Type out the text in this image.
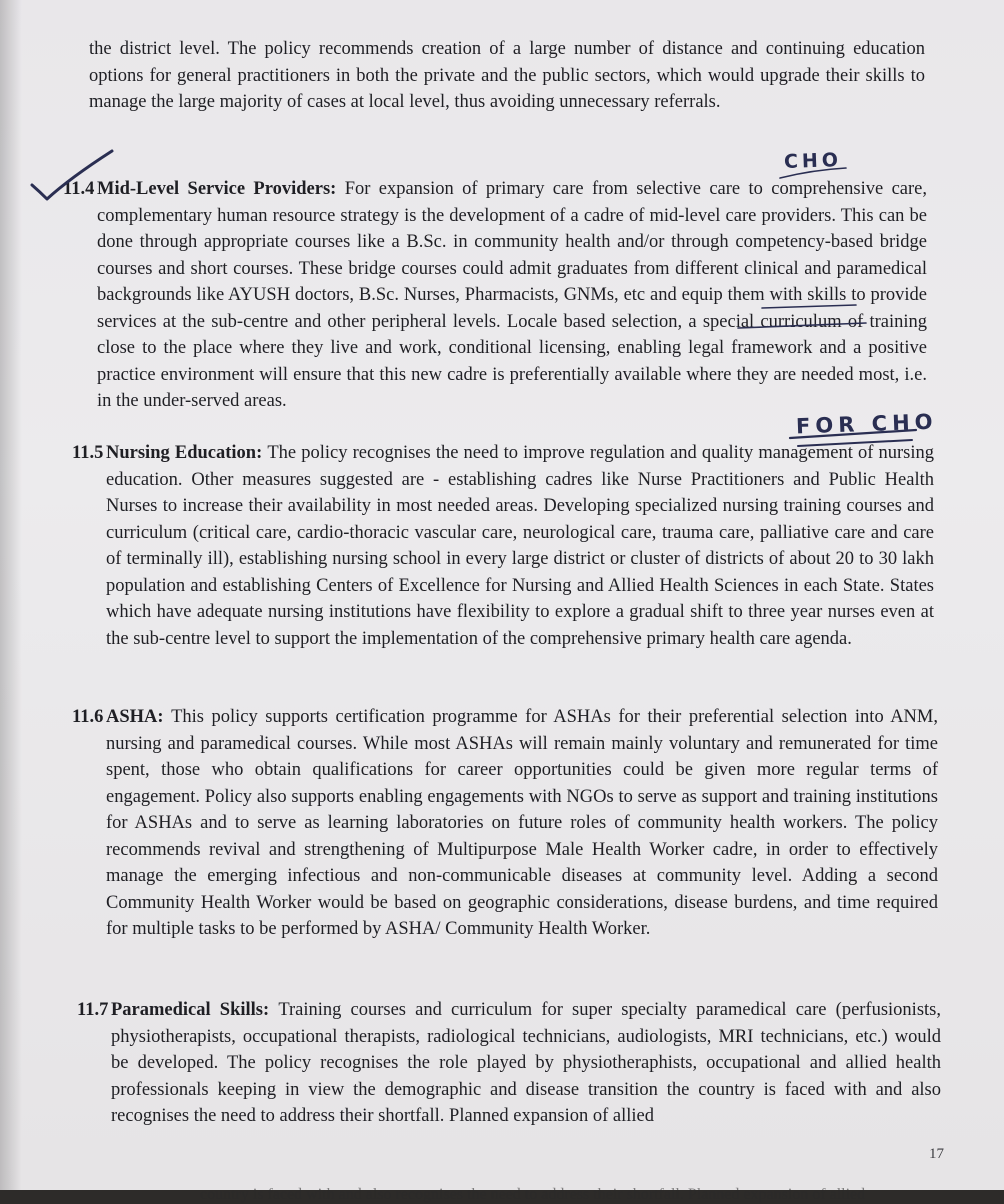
the district level. The policy recommends creation of a large number of distance and continuing education options for general practitioners in both the private and the public sectors, which would upgrade their skills to manage the large majority of cases at local level, thus avoiding unnecessary referrals.

11.4 Mid-Level Service Providers: For expansion of primary care from selective care to comprehensive care, complementary human resource strategy is the development of a cadre of mid-level care providers. This can be done through appropriate courses like a B.Sc. in community health and/or through competency-based bridge courses and short courses. These bridge courses could admit graduates from different clinical and paramedical backgrounds like AYUSH doctors, B.Sc. Nurses, Pharmacists, GNMs, etc and equip them with skills to provide services at the sub-centre and other peripheral levels. Locale based selection, a special curriculum of training close to the place where they live and work, conditional licensing, enabling legal framework and a positive practice environment will ensure that this new cadre is preferentially available where they are needed most, i.e. in the under-served areas.
11.5 Nursing Education: The policy recognises the need to improve regulation and quality management of nursing education. Other measures suggested are - establishing cadres like Nurse Practitioners and Public Health Nurses to increase their availability in most needed areas. Developing specialized nursing training courses and curriculum (critical care, cardio-thoracic vascular care, neurological care, trauma care, palliative care and care of terminally ill), establishing nursing school in every large district or cluster of districts of about 20 to 30 lakh population and establishing Centers of Excellence for Nursing and Allied Health Sciences in each State. States which have adequate nursing institutions have flexibility to explore a gradual shift to three year nurses even at the sub-centre level to support the implementation of the comprehensive primary health care agenda.
11.6 ASHA: This policy supports certification programme for ASHAs for their preferential selection into ANM, nursing and paramedical courses. While most ASHAs will remain mainly voluntary and remunerated for time spent, those who obtain qualifications for career opportunities could be given more regular terms of engagement. Policy also supports enabling engagements with NGOs to serve as support and training institutions for ASHAs and to serve as learning laboratories on future roles of community health workers. The policy recommends revival and strengthening of Multipurpose Male Health Worker cadre, in order to effectively manage the emerging infectious and non-communicable diseases at community level. Adding a second Community Health Worker would be based on geographic considerations, disease burdens, and time required for multiple tasks to be performed by ASHA/ Community Health Worker.
11.7 Paramedical Skills: Training courses and curriculum for super specialty paramedical care (perfusionists, physiotherapists, occupational therapists, radiological technicians, audiologists, MRI technicians, etc.) would be developed. The policy recognises the role played by physiotheraphists, occupational and allied health professionals keeping in view the demographic and disease transition the country is faced with and also recognises the need to address their shortfall. Planned expansion of allied
17
country is faced with and also recognises the need to address their shortfall. Planned expansion of allied
CHO
FOR CHO
